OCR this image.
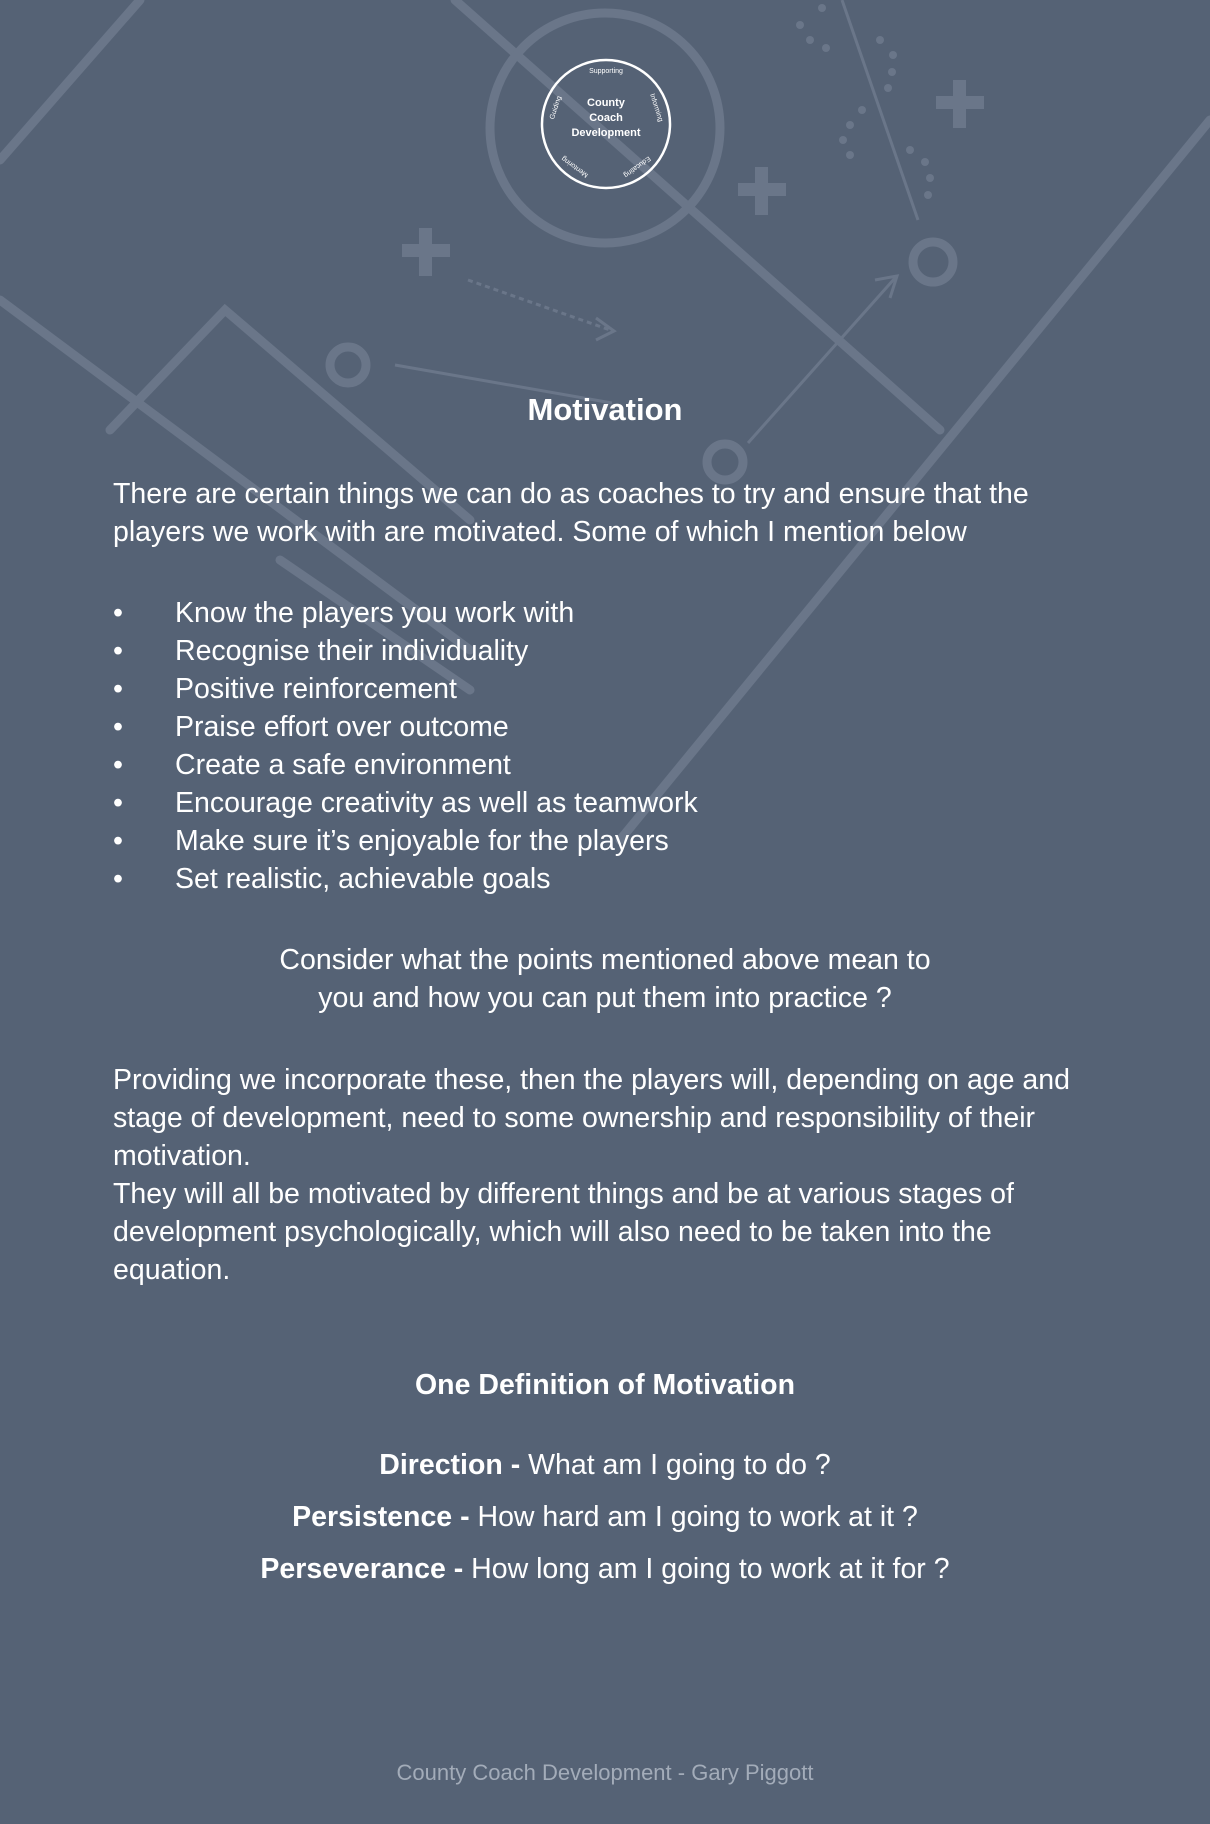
Supporting
Informing
Educating
Mentoring
Guiding	County
Coach
Development
Motivation
There are certain things we can do as coaches to try and ensure that the players we work with are motivated. Some of which I mention below
• Know the players you work with
• Recognise their individuality
• Positive reinforcement
• Praise effort over outcome
• Create a safe environment
• Encourage creativity as well as teamwork
• Make sure it’s enjoyable for the players
• Set realistic, achievable goals
Consider what the points mentioned above mean to
you and how you can put them into practice ?
Providing we incorporate these, then the players will, depending on age and stage of development, need to some ownership and responsibility of their motivation.
They will all be motivated by different things and be at various stages of development psychologically, which will also need to be taken into the equation.
One Definition of Motivation
Direction - What am I going to do ?
Persistence - How hard am I going to work at it ?
Perseverance - How long am I going to work at it for ?
County Coach Development - Gary Piggott
